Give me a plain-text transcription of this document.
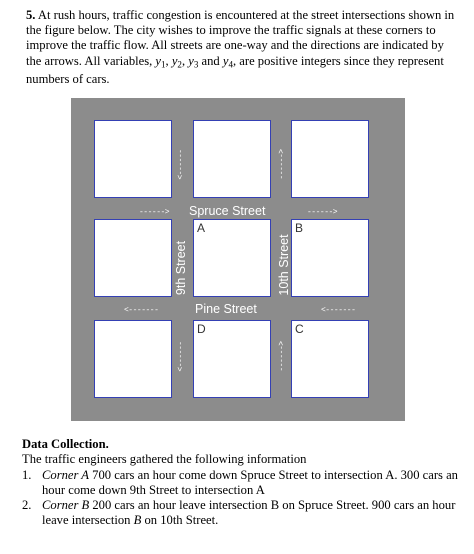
5. At rush hours, traffic congestion is encountered at the street intersections shown in the figure below. The city wishes to improve the traffic signals at these corners to improve the traffic flow. All streets are one-way and the directions are indicated by the arrows. All variables, $y_1$, $y_2$, $y_3$ and $y_4$, are positive integers since they represent numbers of cars.

Spruce Street
Pine Street
9th Street	10th Street
A	B
C
D
------>	------>
<-------	<-------
<------
<------
------>
------>
Data Collection.

The traffic engineers gathered the following information

1. Corner A 700 cars an hour come down Spruce Street to intersection A. 300 cars an hour come down 9th Street to intersection A
2. Corner B 200 cars an hour leave intersection B on Spruce Street. 900 cars an hour leave intersection B on 10th Street.
